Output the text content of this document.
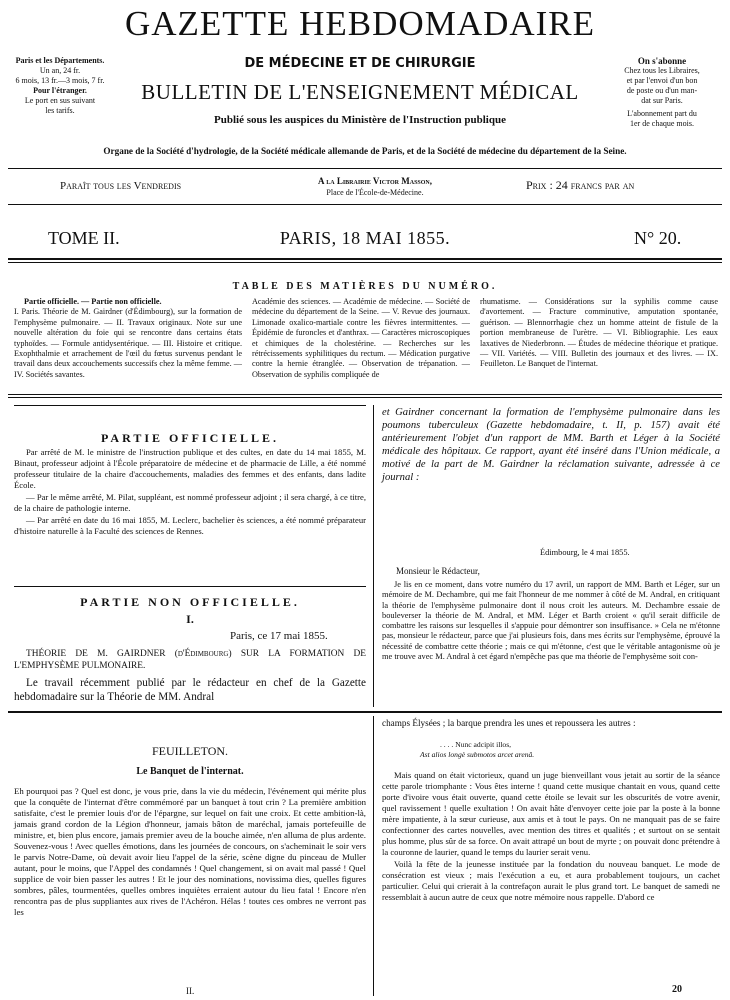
Paris et les Départements.

Un an, 24 fr.

6 mois, 13 fr.—3 mois, 7 fr.

Pour l'étranger.

Le port en sus suivant

les tarifs.

On s'abonne

Chez tous les Libraires,

et par l'envoi d'un bon

de poste ou d'un man-

dat sur Paris.

L'abonnement part du

1er de chaque mois.

GAZETTE HEBDOMADAIRE
DE MÉDECINE ET DE CHIRURGIE
BULLETIN DE L'ENSEIGNEMENT MÉDICAL
Publié sous les auspices du Ministère de l'Instruction publique
Organe de la Société d'hydrologie, de la Société médicale allemande de Paris, et de la Société de médecine du département de la Seine.
Paraît tous les Vendredis	A la Librairie Victor Masson,
Place de l'École-de-Médecine.
Prix : 24 francs par an
TOME II.	PARIS, 18 MAI 1855.	N° 20.
TABLE DES MATIÈRES DU NUMÉRO.
Partie officielle. — Partie non officielle.
I. Paris. Théorie de M. Gairdner (d'Édimbourg), sur la formation de l'emphysème pulmonaire. — II. Travaux originaux. Note sur une nouvelle altération du foie qui se rencontre dans certains états typhoïdes. — Formule antidysentérique. — III. Histoire et critique. Exophthalmie et arrachement de l'œil du fœtus survenus pendant le travail dans deux accouchements successifs chez la même femme. — IV. Sociétés savantes.
Académie des sciences. — Académie de médecine. — Société de médecine du département de la Seine. — V. Revue des journaux. Limonade oxalico-martiale contre les fièvres intermittentes. — Épidémie de furoncles et d'anthrax. — Caractères microscopiques et chimiques de la cholestérine. — Recherches sur les rétrécissements syphilitiques du rectum. — Médication purgative contre la hernie étranglée. — Observation de trépanation. — Observation de syphilis compliquée de
rhumatisme. — Considérations sur la syphilis comme cause d'avortement. — Fracture comminutive, amputation spontanée, guérison. — Blennorrhagie chez un homme atteint de fistule de la portion membraneuse de l'urètre. — VI. Bibliographie. Les eaux laxatives de Niederbronn. — Études de médecine théorique et pratique. — VII. Variétés. — VIII. Bulletin des journaux et des livres. — IX. Feuilleton. Le Banquet de l'internat.
PARTIE OFFICIELLE.

Par arrêté de M. le ministre de l'instruction publique et des cultes, en date du 14 mai 1855, M. Binaut, professeur adjoint à l'École préparatoire de médecine et de pharmacie de Lille, a été nommé professeur titulaire de la chaire d'accouchements, maladies des femmes et des enfants, dans ladite École.

— Par le même arrêté, M. Pilat, suppléant, est nommé professeur adjoint ; il sera chargé, à ce titre, de la chaire de pathologie interne.

— Par arrêté en date du 16 mai 1855, M. Leclerc, bachelier ès sciences, a été nommé préparateur d'histoire naturelle à la Faculté des sciences de Rennes.

PARTIE NON OFFICIELLE.
I.
Paris, ce 17 mai 1855.
THÉORIE DE M. GAIRDNER (d'Édimbourg) SUR LA FORMATION DE L'EMPHYSÈME PULMONAIRE.
Le travail récemment publié par le rédacteur en chef de la Gazette hebdomadaire sur la Théorie de MM. Andral
et Gairdner concernant la formation de l'emphysème pulmonaire dans les poumons tuberculeux (Gazette hebdomadaire, t. II, p. 157) avait été antérieurement l'objet d'un rapport de MM. Barth et Léger à la Société médicale des hôpitaux. Ce rapport, ayant été inséré dans l'Union médicale, a motivé de la part de M. Gairdner la réclamation suivante, adressée à ce journal :
Édimbourg, le 4 mai 1855.
Monsieur le Rédacteur,

Je lis en ce moment, dans votre numéro du 17 avril, un rapport de MM. Barth et Léger, sur un mémoire de M. Dechambre, qui me fait l'honneur de me nommer à côté de M. Andral, en critiquant la théorie de l'emphysème pulmonaire dont il nous croit les auteurs. M. Dechambre essaie de bouleverser la théorie de M. Andral, et MM. Léger et Barth croient « qu'il serait difficile de combattre les raisons sur lesquelles il s'appuie pour démontrer son insuffisance. » Cela ne m'étonne pas, monsieur le rédacteur, parce que j'ai plusieurs fois, dans mes écrits sur l'emphysème, éprouvé la nécessité de combattre cette théorie ; mais ce qui m'étonne, c'est que le véritable antagonisme où je me trouve avec M. Andral à cet égard n'empêche pas que ma théorie de l'emphysème soit con-

FEUILLETON.
Le Banquet de l'internat.

Eh pourquoi pas ? Quel est donc, je vous prie, dans la vie du médecin, l'événement qui mérite plus que la conquête de l'internat d'être commémoré par un banquet à tout crin ? La première ambition satisfaite, c'est le premier louis d'or de l'épargne, sur lequel on fait une croix. Et cette ambition-là, jamais grand cordon de la Légion d'honneur, jamais bâton de maréchal, jamais portefeuille de ministre, et, bien plus encore, jamais premier aveu de la bouche aimée, n'en alluma de plus ardente. Souvenez-vous ! Avec quelles émotions, dans les journées de concours, on s'acheminait le soir vers le parvis Notre-Dame, où devait avoir lieu l'appel de la série, scène digne du pinceau de Muller autant, pour le moins, que l'Appel des condamnés ! Quel changement, si on avait mal passé ! Quel supplice de voir bien passer les autres ! Et le jour des nominations, novissima dies, quelles figures sombres, pâles, tourmentées, quelles ombres inquiètes erraient autour du lieu fatal ! Encore n'en rencontra pas de plus suppliantes aux rives de l'Achéron. Hélas ! toutes ces ombres ne verront pas les

II.
champs Élysées ; la barque prendra les unes et repoussera les autres :
. . . . Nunc adcipit illos,
Ast alios longè submotos arcet arenâ.

Mais quand on était victorieux, quand un juge bienveillant vous jetait au sortir de la séance cette parole triomphante : Vous êtes interne ! quand cette musique chantait en vous, quand cette porte d'ivoire vous était ouverte, quand cette étoile se levait sur les obscurités de votre avenir, quel ravissement ! quelle exultation ! On avait hâte d'envoyer cette joie par la poste à la bonne mère impatiente, à la sœur curieuse, aux amis et à tout le pays. On ne manquait pas de se faire confectionner des cartes nouvelles, avec mention des titres et qualités ; et surtout on se sentait plus homme, plus sûr de sa force. On avait attrapé un bout de myrte ; on pouvait donc prétendre à la couronne de laurier, quand le temps du laurier serait venu.

Voilà la fête de la jeunesse instituée par la fondation du nouveau banquet. Le mode de consécration est vieux ; mais l'exécution a eu, et aura probablement toujours, un cachet particulier. Celui qui crierait à la contrefaçon aurait le plus grand tort. Le banquet de samedi ne ressemblait à aucun autre de ceux que notre mémoire nous rappelle. D'abord ce

20
